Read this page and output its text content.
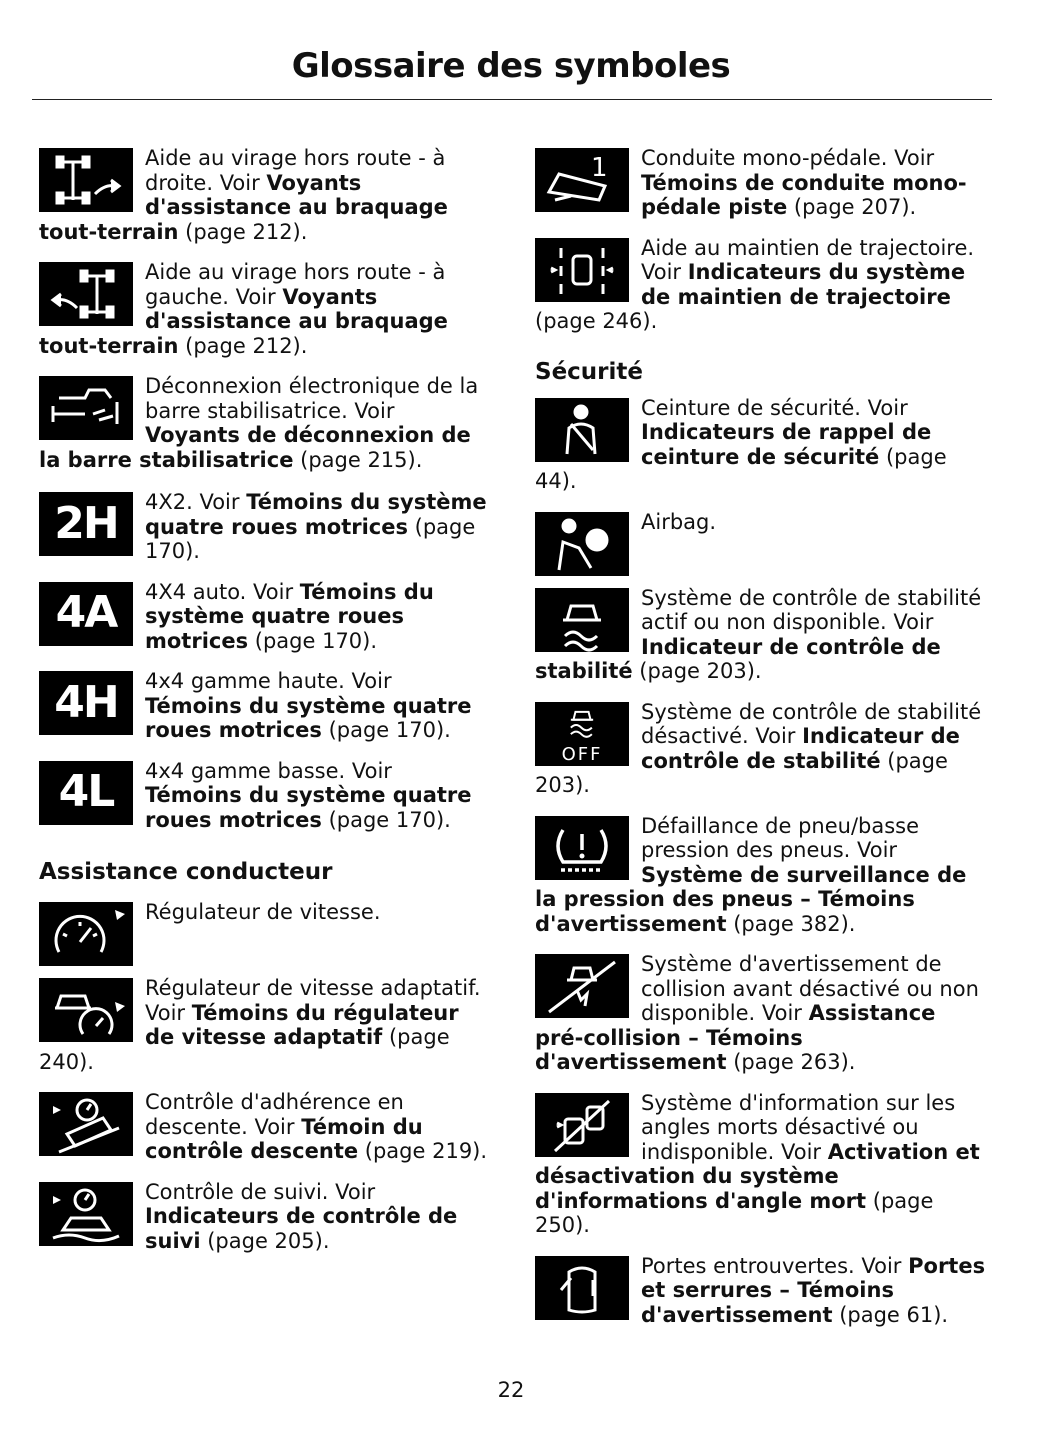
Glossaire des symboles
Aide au virage hors route - à droite. Voir Voyants d'assistance au braquage tout-terrain (page 212).
Aide au virage hors route - à gauche. Voir Voyants d'assistance au braquage tout-terrain (page 212).
Déconnexion électronique de la barre stabilisatrice. Voir Voyants de déconnexion de la barre stabilisatrice (page 215).
2H 4X2. Voir Témoins du système quatre roues motrices (page 170).
4A 4X4 auto. Voir Témoins du système quatre roues motrices (page 170).
4H 4x4 gamme haute. Voir Témoins du système quatre roues motrices (page 170).
4L 4x4 gamme basse. Voir Témoins du système quatre roues motrices (page 170).
Assistance conducteur
Régulateur de vitesse.
Régulateur de vitesse adaptatif. Voir Témoins du régulateur de vitesse adaptatif (page 240).
Contrôle d'adhérence en descente. Voir Témoin du contrôle descente (page 219).
Contrôle de suivi. Voir Indicateurs de contrôle de suivi (page 205).
1 Conduite mono-pédale. Voir Témoins de conduite mono-pédale piste (page 207).
Aide au maintien de trajectoire. Voir Indicateurs du système de maintien de trajectoire (page 246).
Sécurité
Ceinture de sécurité. Voir Indicateurs de rappel de ceinture de sécurité (page 44).
Airbag.
Système de contrôle de stabilité actif ou non disponible. Voir Indicateur de contrôle de stabilité (page 203).
OFF
Système de contrôle de stabilité désactivé. Voir Indicateur de contrôle de stabilité (page 203).
Défaillance de pneu/basse pression des pneus. Voir Système de surveillance de la pression des pneus – Témoins d'avertissement (page 382).
Système d'avertissement de collision avant désactivé ou non disponible. Voir Assistance pré-collision – Témoins d'avertissement (page 263).
Système d'information sur les angles morts désactivé ou indisponible. Voir Activation et désactivation du système d'informations d'angle mort (page 250).
Portes entrouvertes. Voir Portes et serrures – Témoins d'avertissement (page 61).
22
